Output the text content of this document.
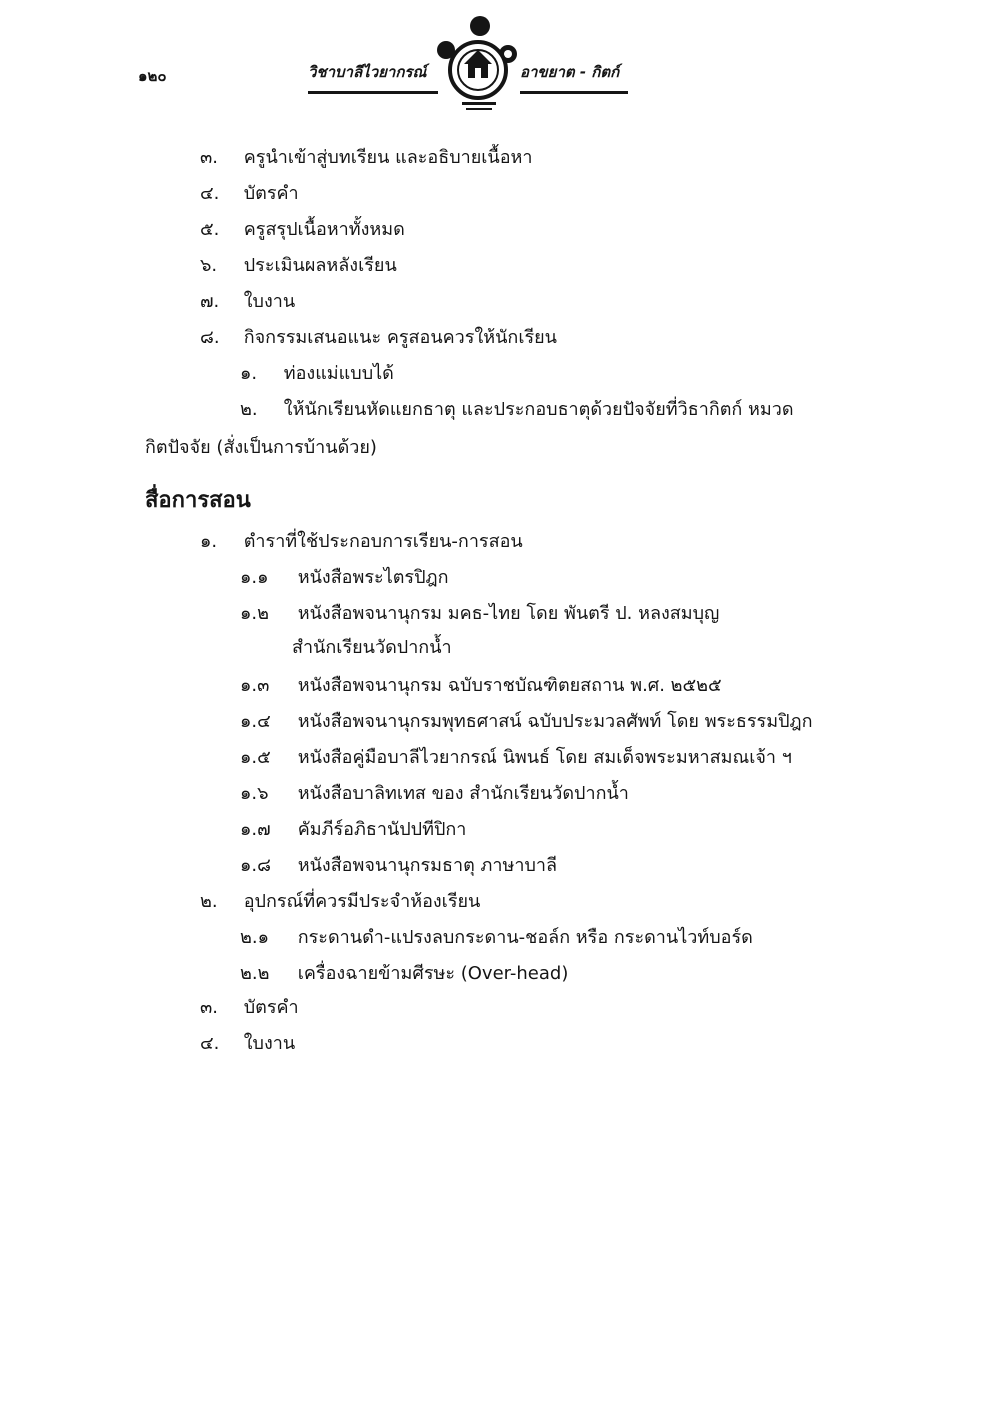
๑๒๐	วิชาบาลีไวยากรณ์	อาขยาต - กิตก์
๓. ครูนำเข้าสู่บทเรียน และอธิบายเนื้อหา
๔. บัตรคำ
๕. ครูสรุปเนื้อหาทั้งหมด
๖. ประเมินผลหลังเรียน
๗. ใบงาน
๘. กิจกรรมเสนอแนะ ครูสอนควรให้นักเรียน
๑. ท่องแม่แบบได้
๒. ให้นักเรียนหัดแยกธาตุ และประกอบธาตุด้วยปัจจัยที่วิธากิตก์ หมวด
กิตปัจจัย (สั่งเป็นการบ้านด้วย)
สื่อการสอน
๑. ตำราที่ใช้ประกอบการเรียน-การสอน
๑.๑ หนังสือพระไตรปิฎก
๑.๒ หนังสือพจนานุกรม มคธ-ไทย โดย พันตรี ป. หลงสมบุญ
สำนักเรียนวัดปากน้ำ
๑.๓ หนังสือพจนานุกรม ฉบับราชบัณฑิตยสถาน พ.ศ. ๒๕๒๕
๑.๔ หนังสือพจนานุกรมพุทธศาสน์ ฉบับประมวลศัพท์ โดย พระธรรมปิฎก
๑.๕ หนังสือคู่มือบาลีไวยากรณ์ นิพนธ์ โดย สมเด็จพระมหาสมณเจ้า ฯ
๑.๖ หนังสือบาลิทเทส ของ สำนักเรียนวัดปากน้ำ
๑.๗ คัมภีร์อภิธานัปปทีปิกา
๑.๘ หนังสือพจนานุกรมธาตุ ภาษาบาลี
๒. อุปกรณ์ที่ควรมีประจำห้องเรียน
๒.๑ กระดานดำ-แปรงลบกระดาน-ชอล์ก หรือ กระดานไวท์บอร์ด
๒.๒ เครื่องฉายข้ามศีรษะ (Over-head)
๓. บัตรคำ
๔. ใบงาน
